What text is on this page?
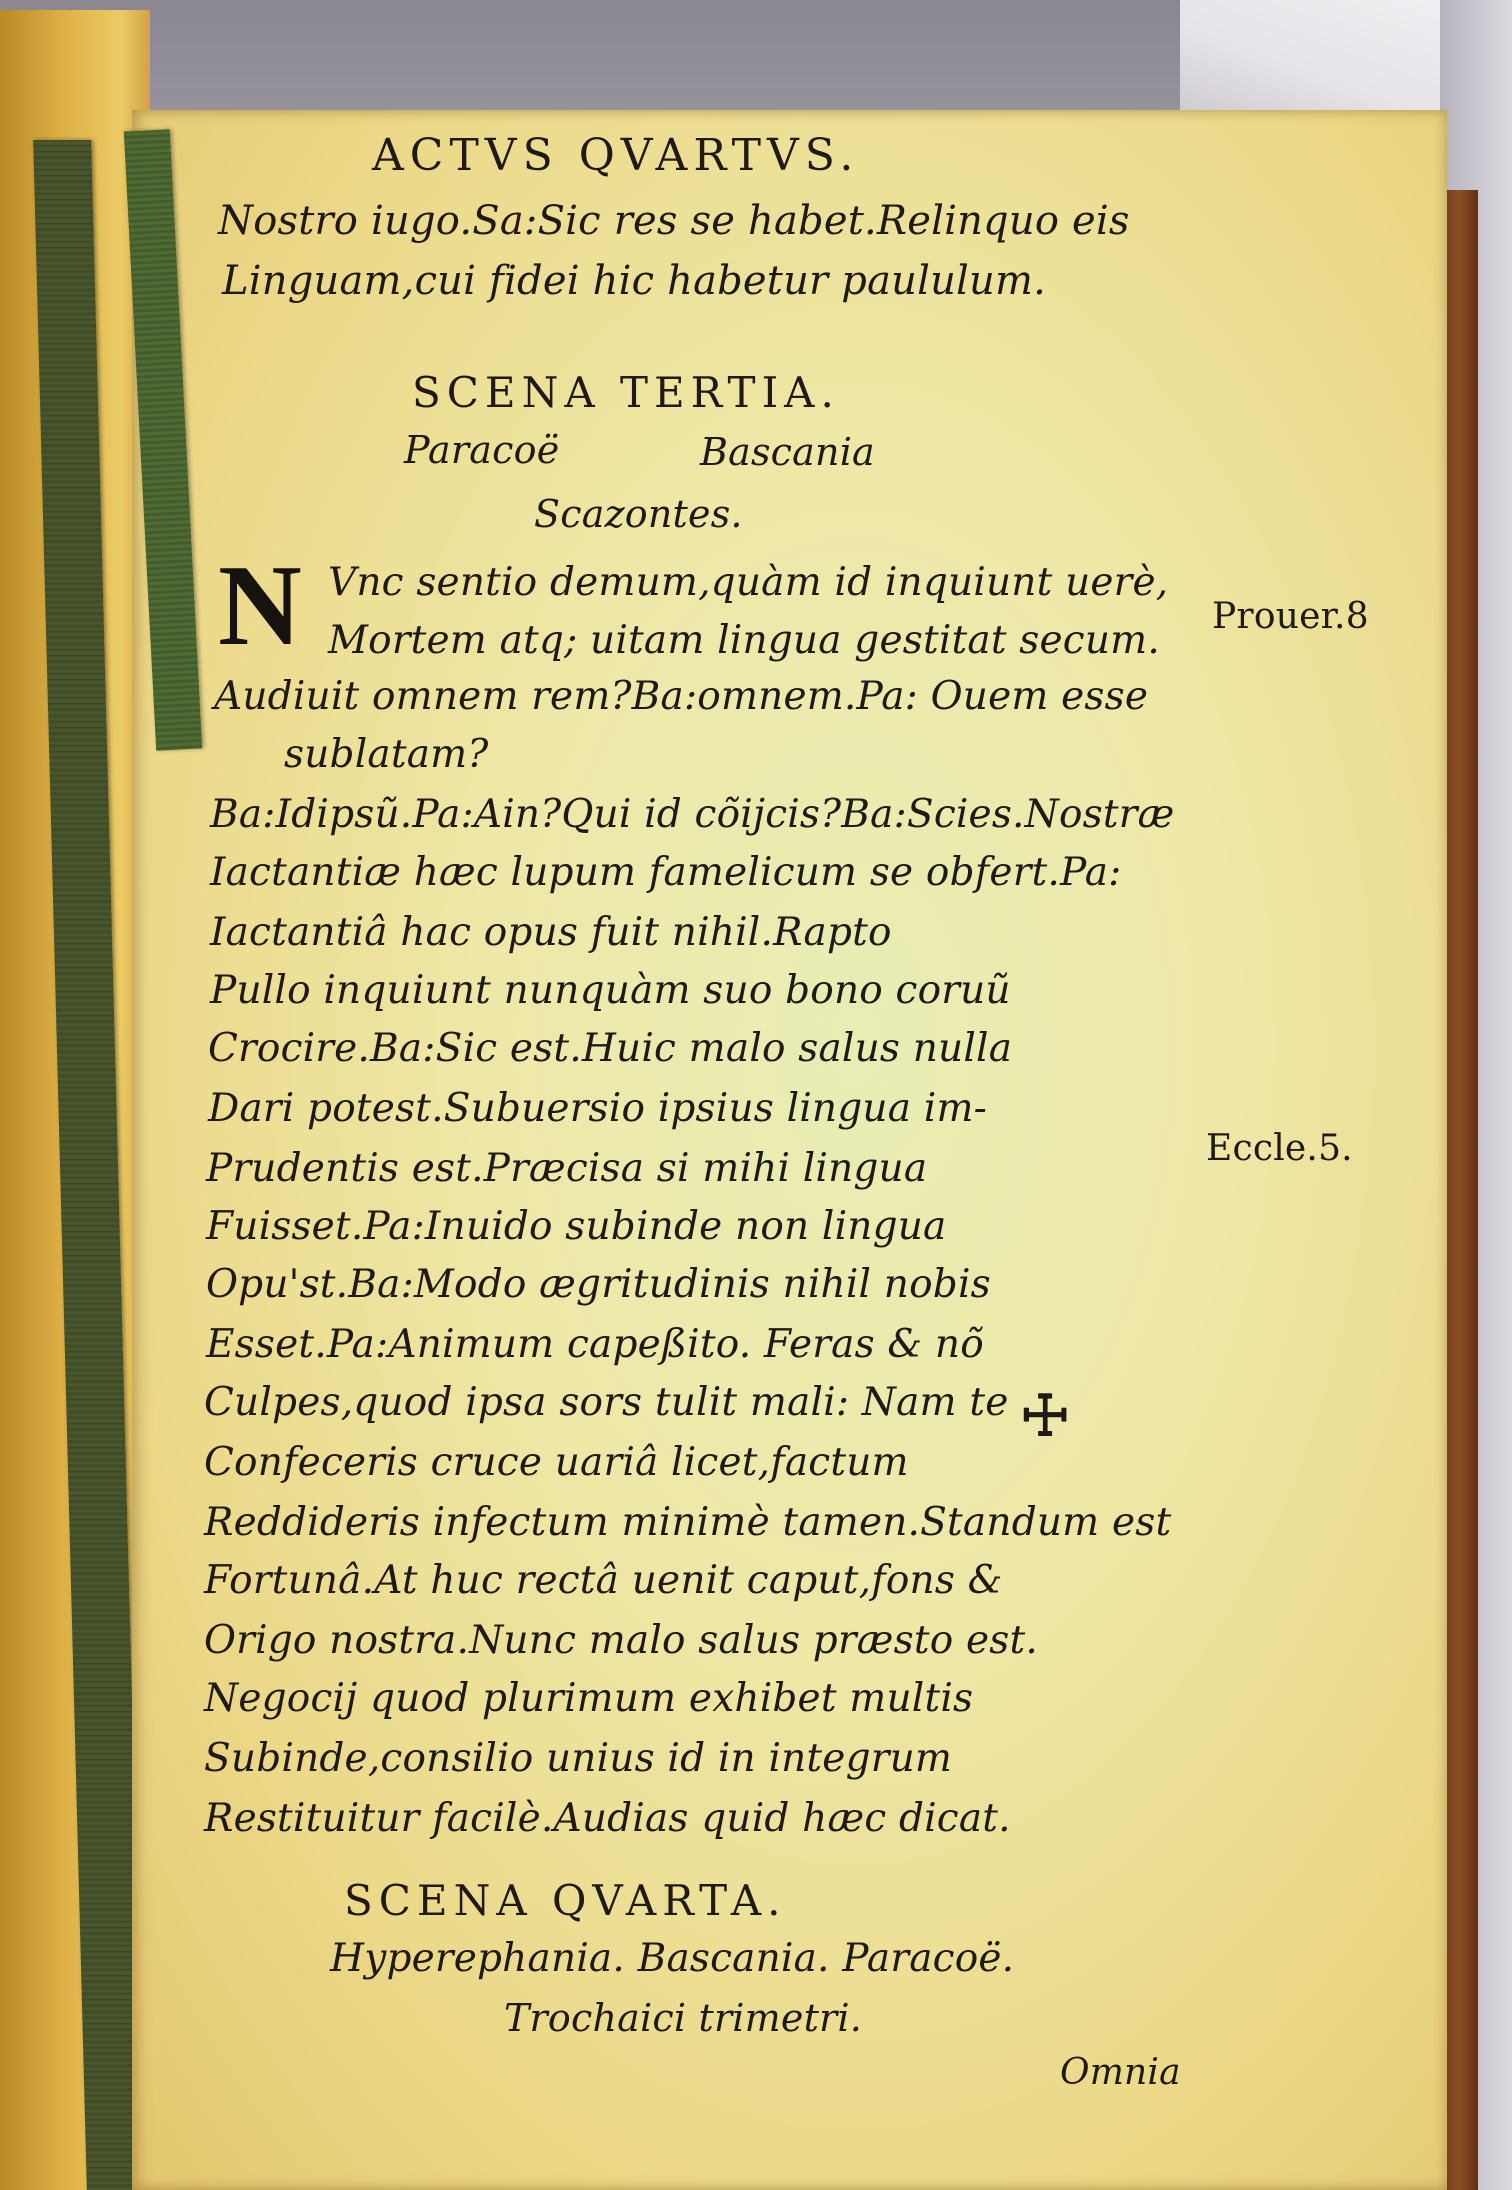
ACTVS QVARTVS.
Nostro iugo.Sa:Sic res se habet.Relinquo eis
Linguam,cui fidei hic habetur paululum.
SCENA TERTIA.
Paracoë	Bascania
Scazontes.
N Vnc sentio demum,quàm id inquiunt uerè,
Mortem atq; uitam lingua gestitat secum.
Audiuit omnem rem?Ba:omnem.Pa: Ouem esse
sublatam?
Ba:Idipsũ.Pa:Ain?Qui id cõijcis?Ba:Scies.Nostræ
Iactantiæ hæc lupum famelicum se obfert.Pa:
Iactantiâ hac opus fuit nihil.Rapto
Pullo inquiunt nunquàm suo bono coruũ
Crocire.Ba:Sic est.Huic malo salus nulla
Dari potest.Subuersio ipsius lingua im-
Prudentis est.Præcisa si mihi lingua
Fuisset.Pa:Inuido subinde non lingua
Opu'st.Ba:Modo ægritudinis nihil nobis
Esset.Pa:Animum capeßito. Feras & nõ
Culpes,quod ipsa sors tulit mali: Nam te
Confeceris cruce uariâ licet,factum
Reddideris infectum minimè tamen.Standum est
Fortunâ.At huc rectâ uenit caput,fons &
Origo nostra.Nunc malo salus præsto est.
Negocij quod plurimum exhibet multis
Subinde,consilio unius id in integrum
Restituitur facilè.Audias quid hæc dicat.
☩
SCENA QVARTA.
Hyperephania. Bascania. Paracoë.
Trochaici trimetri.
Omnia
Prouer.8
Eccle.5.
